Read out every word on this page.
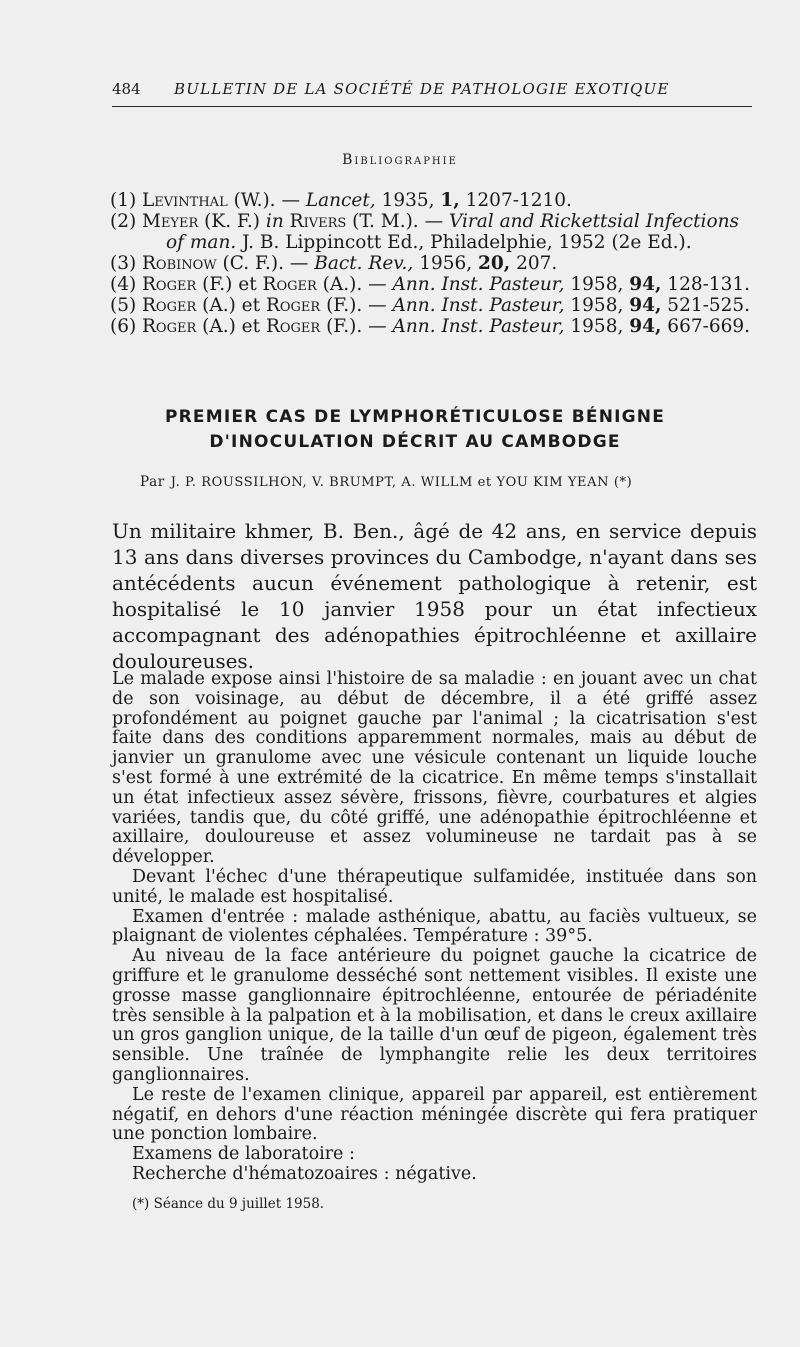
484 BULLETIN DE LA SOCIÉTÉ DE PATHOLOGIE EXOTIQUE
Bibliographie
(1) Levinthal (W.). — Lancet, 1935, 1, 1207-1210.
(2) Meyer (K. F.) in Rivers (T. M.). — Viral and Rickettsial Infections
of man. J. B. Lippincott Ed., Philadelphie, 1952 (2e Ed.).
(3) Robinow (C. F.). — Bact. Rev., 1956, 20, 207.
(4) Roger (F.) et Roger (A.). — Ann. Inst. Pasteur, 1958, 94, 128-131.
(5) Roger (A.) et Roger (F.). — Ann. Inst. Pasteur, 1958, 94, 521-525.
(6) Roger (A.) et Roger (F.). — Ann. Inst. Pasteur, 1958, 94, 667-669.
PREMIER CAS DE LYMPHORÉTICULOSE BÉNIGNE
D'INOCULATION DÉCRIT AU CAMBODGE
Par J. P. ROUSSILHON, V. BRUMPT, A. WILLM et YOU KIM YEAN (*)
Un militaire khmer, B. Ben., âgé de 42 ans, en service depuis 13 ans dans diverses provinces du Cambodge, n'ayant dans ses antécédents aucun événement pathologique à retenir, est hospitalisé le 10 janvier 1958 pour un état infectieux accompagnant des adénopathies épitrochléenne et axillaire douloureuses.

Le malade expose ainsi l'histoire de sa maladie : en jouant avec un chat de son voisinage, au début de décembre, il a été griffé assez profondément au poignet gauche par l'animal ; la cicatrisation s'est faite dans des conditions apparemment normales, mais au début de janvier un granulome avec une vésicule contenant un liquide louche s'est formé à une extrémité de la cicatrice. En même temps s'installait un état infectieux assez sévère, frissons, fièvre, courbatures et algies variées, tandis que, du côté griffé, une adénopathie épitrochléenne et axillaire, douloureuse et assez volumineuse ne tardait pas à se développer.

Devant l'échec d'une thérapeutique sulfamidée, instituée dans son unité, le malade est hospitalisé.

Examen d'entrée : malade asthénique, abattu, au faciès vultueux, se plaignant de violentes céphalées. Température : 39°5.

Au niveau de la face antérieure du poignet gauche la cicatrice de griffure et le granulome desséché sont nettement visibles. Il existe une grosse masse ganglionnaire épitrochléenne, entourée de périadénite très sensible à la palpation et à la mobilisation, et dans le creux axillaire un gros ganglion unique, de la taille d'un œuf de pigeon, également très sensible. Une traînée de lymphangite relie les deux territoires ganglionnaires.

Le reste de l'examen clinique, appareil par appareil, est entièrement négatif, en dehors d'une réaction méningée discrète qui fera pratiquer une ponction lombaire.

Examens de laboratoire :

Recherche d'hématozoaires : négative.

(*) Séance du 9 juillet 1958.
